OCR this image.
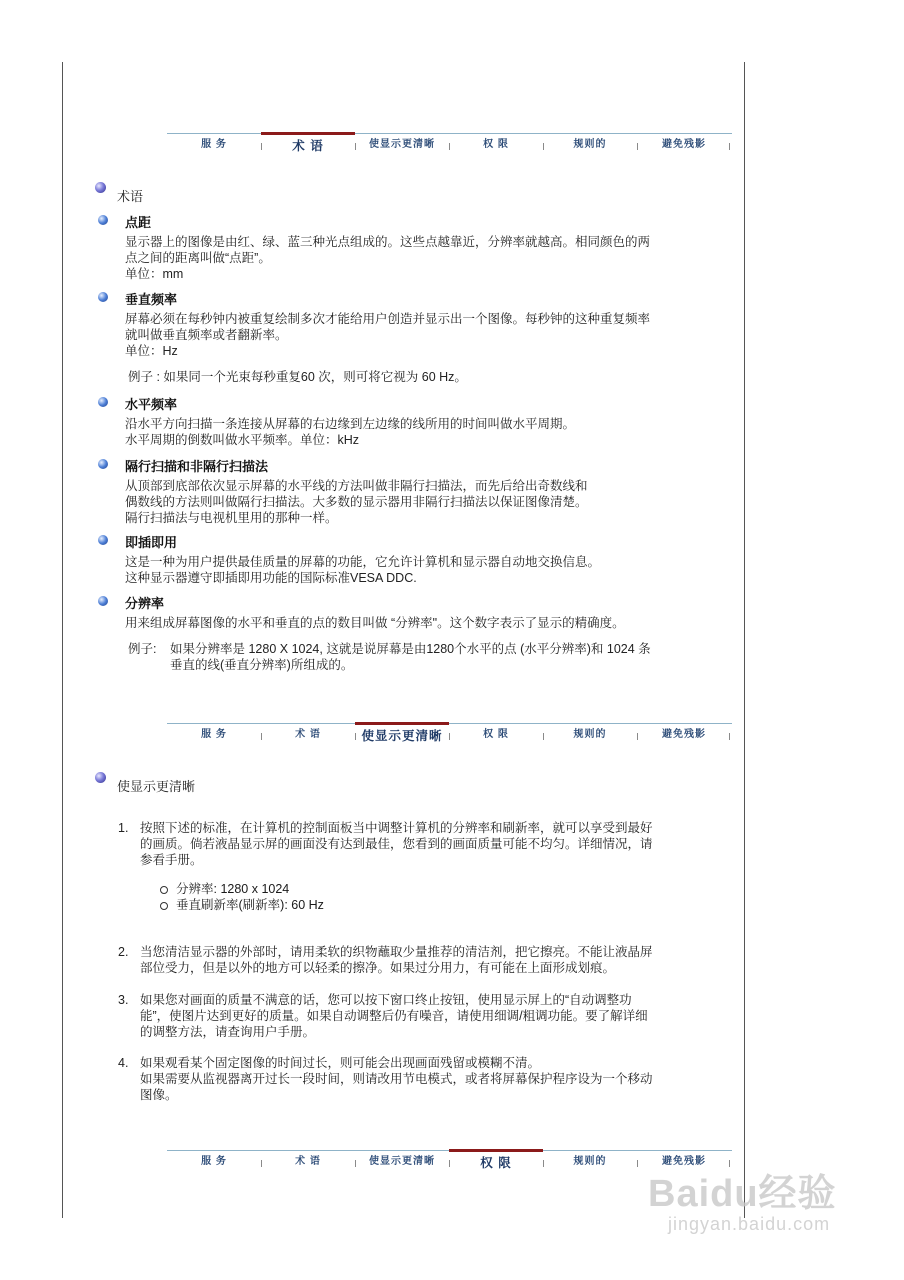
服 务	术 语	使显示更清晰	权 限	规则的	避免残影
术语
点距
显示器上的图像是由红、绿、蓝三种光点组成的。这些点越靠近，分辨率就越高。相同颜色的两
点之间的距离叫做“点距”。
单位：mm
垂直频率
屏幕必须在每秒钟内被重复绘制多次才能给用户创造并显示出一个图像。每秒钟的这种重复频率
就叫做垂直频率或者翻新率。
单位：Hz
例子 : 如果同一个光束每秒重复60 次，则可将它视为 60 Hz。
水平频率
沿水平方向扫描一条连接从屏幕的右边缘到左边缘的线所用的时间叫做水平周期。
水平周期的倒数叫做水平频率。单位：kHz
隔行扫描和非隔行扫描法
从顶部到底部依次显示屏幕的水平线的方法叫做非隔行扫描法，而先后给出奇数线和
偶数线的方法则叫做隔行扫描法。大多数的显示器用非隔行扫描法以保证图像清楚。
隔行扫描法与电视机里用的那种一样。
即插即用
这是一种为用户提供最佳质量的屏幕的功能，它允许计算机和显示器自动地交换信息。
这种显示器遵守即插即用功能的国际标准VESA DDC.
分辨率
用来组成屏幕图像的水平和垂直的点的数目叫做 “分辨率"。这个数字表示了显示的精确度。
例子: 如果分辨率是 1280 X 1024, 这就是说屏幕是由1280个水平的点 (水平分辨率)和 1024 条
垂直的线(垂直分辨率)所组成的。
服 务	术 语	使显示更清晰	权 限	规则的	避免残影
使显示更清晰
1. 按照下述的标准，在计算机的控制面板当中调整计算机的分辨率和刷新率，就可以享受到最好
的画质。倘若液晶显示屏的画面没有达到最佳，您看到的画面质量可能不均匀。详细情况，请
参看手册。
分辨率: 1280 x 1024
垂直刷新率(刷新率): 60 Hz
2. 当您清洁显示器的外部时，请用柔软的织物蘸取少量推荐的清洁剂，把它擦亮。不能让液晶屏
部位受力，但是以外的地方可以轻柔的擦净。如果过分用力，有可能在上面形成划痕。
3. 如果您对画面的质量不满意的话，您可以按下窗口终止按钮，使用显示屏上的“自动调整功
能”，使图片达到更好的质量。如果自动调整后仍有噪音，请使用细调/粗调功能。要了解详细
的调整方法，请查询用户手册。
4. 如果观看某个固定图像的时间过长，则可能会出现画面残留或模糊不清。
如果需要从监视器离开过长一段时间，则请改用节电模式，或者将屏幕保护程序设为一个移动
图像。
服 务	术 语	使显示更清晰	权 限	规则的	避免残影
Baidu经验
jingyan.baidu.com
